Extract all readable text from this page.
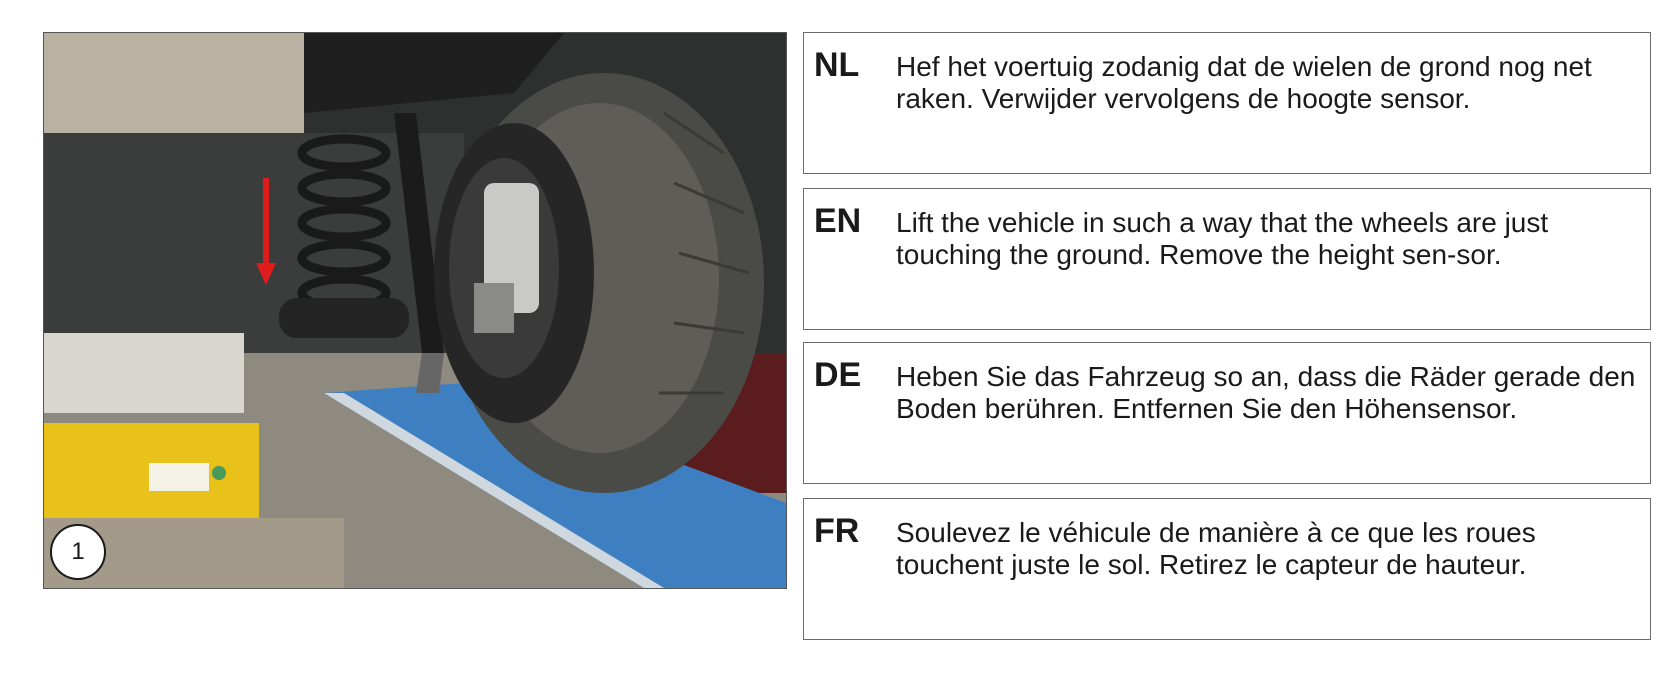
1
NL Hef het voertuig zodanig dat de wielen de grond nog net raken. Verwijder vervolgens de hoogte sensor.
EN Lift the vehicle in such a way that the wheels are just touching the ground. Remove the height sen-sor.
DE Heben Sie das Fahrzeug so an, dass die Räder gerade den Boden berühren. Entfernen Sie den Höhensensor.
FR Soulevez le véhicule de manière à ce que les roues touchent juste le sol. Retirez le capteur de hauteur.
